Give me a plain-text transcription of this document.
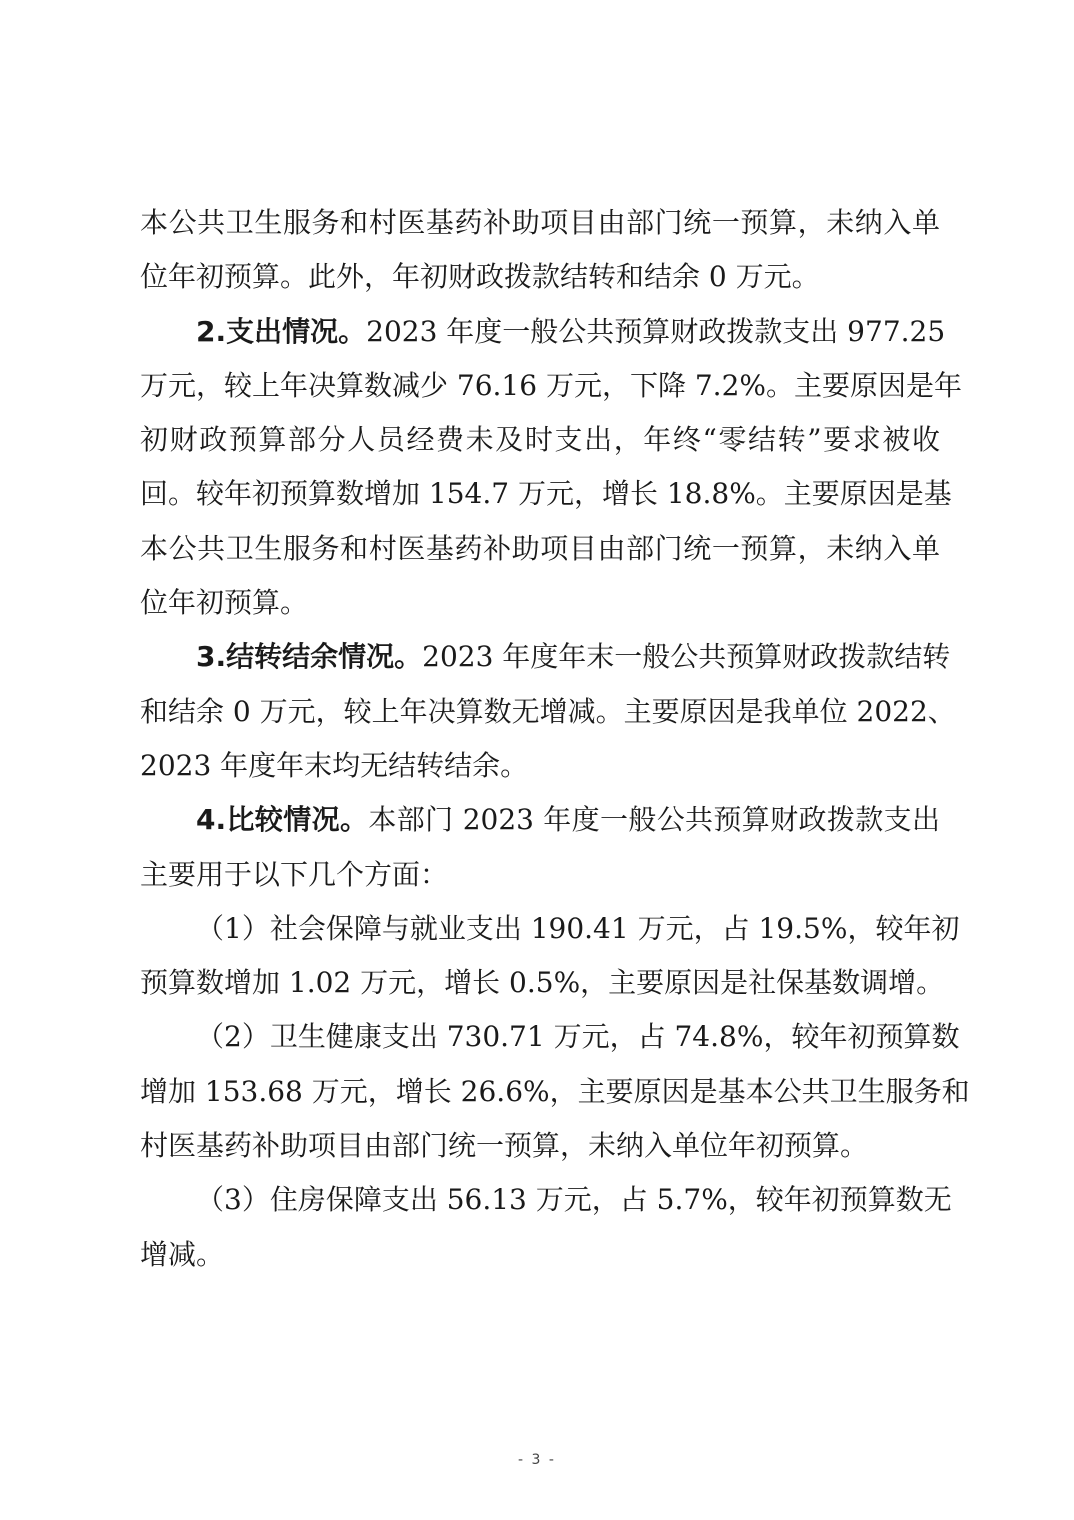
本公共卫生服务和村医基药补助项目由部门统一预算，未纳入单
位年初预算。此外，年初财政拨款结转和结余 0 万元。
2.支出情况。2023 年度一般公共预算财政拨款支出 977.25
万元，较上年决算数减少 76.16 万元，下降 7.2%。主要原因是年
初财政预算部分人员经费未及时支出，年终“零结转”要求被收
回。较年初预算数增加 154.7 万元，增长 18.8%。主要原因是基
本公共卫生服务和村医基药补助项目由部门统一预算，未纳入单
位年初预算。
3.结转结余情况。2023 年度年末一般公共预算财政拨款结转
和结余 0 万元，较上年决算数无增减。主要原因是我单位 2022、
2023 年度年末均无结转结余。
4.比较情况。本部门 2023 年度一般公共预算财政拨款支出
主要用于以下几个方面：
（1）社会保障与就业支出 190.41 万元，占 19.5%，较年初
预算数增加 1.02 万元，增长 0.5%，主要原因是社保基数调增。
（2）卫生健康支出 730.71 万元，占 74.8%，较年初预算数
增加 153.68 万元，增长 26.6%，主要原因是基本公共卫生服务和
村医基药补助项目由部门统一预算，未纳入单位年初预算。
（3）住房保障支出 56.13 万元，占 5.7%，较年初预算数无
增减。
- 3 -
